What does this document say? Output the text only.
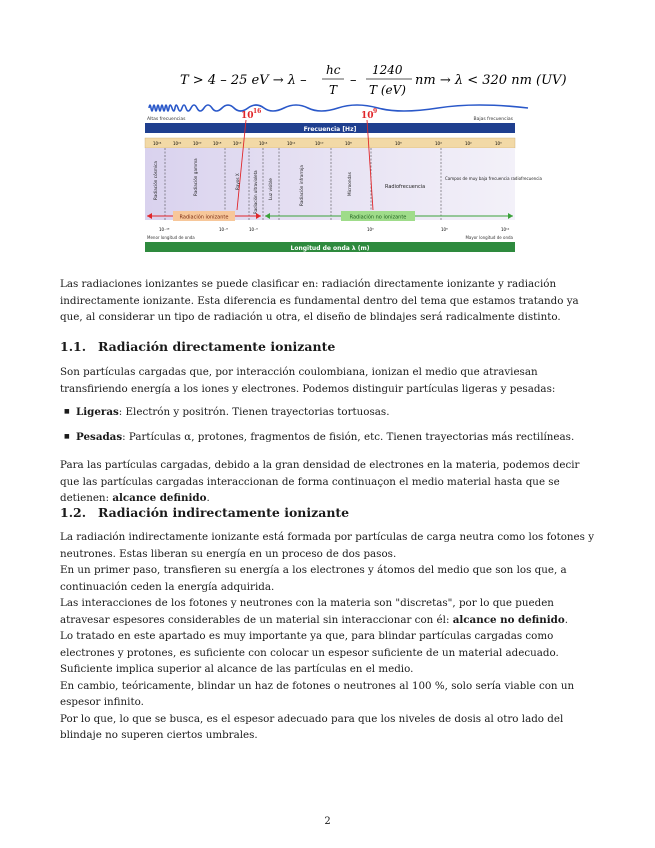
T > 4 – 25 eV → λ –
hc
T
–
1240
T (eV)
nm → λ < 320 nm (UV)
Altas frecuencias	Bajas frecuencias
Frecuencia [Hz]
10 16	10 9
10²⁴	10²²	10²⁰	10¹⁸	10¹⁶	10¹⁴	10¹²	10¹⁰	10⁸	10⁶	10⁴	10²	10⁰
Radiación cósmica	Radiación gamma	Rayos X	Radiación ultravioleta Luz visible	Radiación infrarroja	Microondas	Radiofrecuencia
Campos de muy baja frecuencia radiofrecuencia
Radiación ionizante	Radiación no ionizante
10⁻¹⁶	10⁻⁸	10⁻⁶	10⁰	10⁸	10¹²
Menor longitud de onda	Mayor longitud de onda
Longitud de onda λ (m)

Las radiaciones ionizantes se puede clasificar en: radiación directamente ionizante y radiación indirectamente ionizante. Esta diferencia es fundamental dentro del tema que estamos tratando ya que, al considerar un tipo de radiación u otra, el diseño de blindajes será radicalmente distinto.

1.1. Radiación directamente ionizante

Son partículas cargadas que, por interacción coulombiana, ionizan el medio que atraviesan transfiriendo energía a los iones y electrones. Podemos distinguir partículas ligeras y pesadas:

■ Ligeras: Electrón y positrón. Tienen trayectorias tortuosas.
■ Pesadas: Partículas α, protones, fragmentos de fisión, etc. Tienen trayectorias más rectilíneas.

Para las partículas cargadas, debido a la gran densidad de electrones en la materia, podemos decir que las partículas cargadas interaccionan de forma continuaçon el medio material hasta que se detienen: alcance definido.

1.2. Radiación indirectamente ionizante

La radiación indirectamente ionizante está formada por partículas de carga neutra como los fotones y neutrones. Estas liberan su energía en un proceso de dos pasos.

En un primer paso, transfieren su energía a los electrones y átomos del medio que son los que, a continuación ceden la energía adquirida.

Las interacciones de los fotones y neutrones con la materia son "discretas", por lo que pueden atravesar espesores considerables de un material sin interaccionar con él: alcance no definido.

Lo tratado en este apartado es muy importante ya que, para blindar partículas cargadas como electrones y protones, es suficiente con colocar un espesor suficiente de un material adecuado. Suficiente implica superior al alcance de las partículas en el medio.

En cambio, teóricamente, blindar un haz de fotones o neutrones al 100 %, solo sería viable con un espesor infinito.

Por lo que, lo que se busca, es el espesor adecuado para que los niveles de dosis al otro lado del blindaje no superen ciertos umbrales.

2
